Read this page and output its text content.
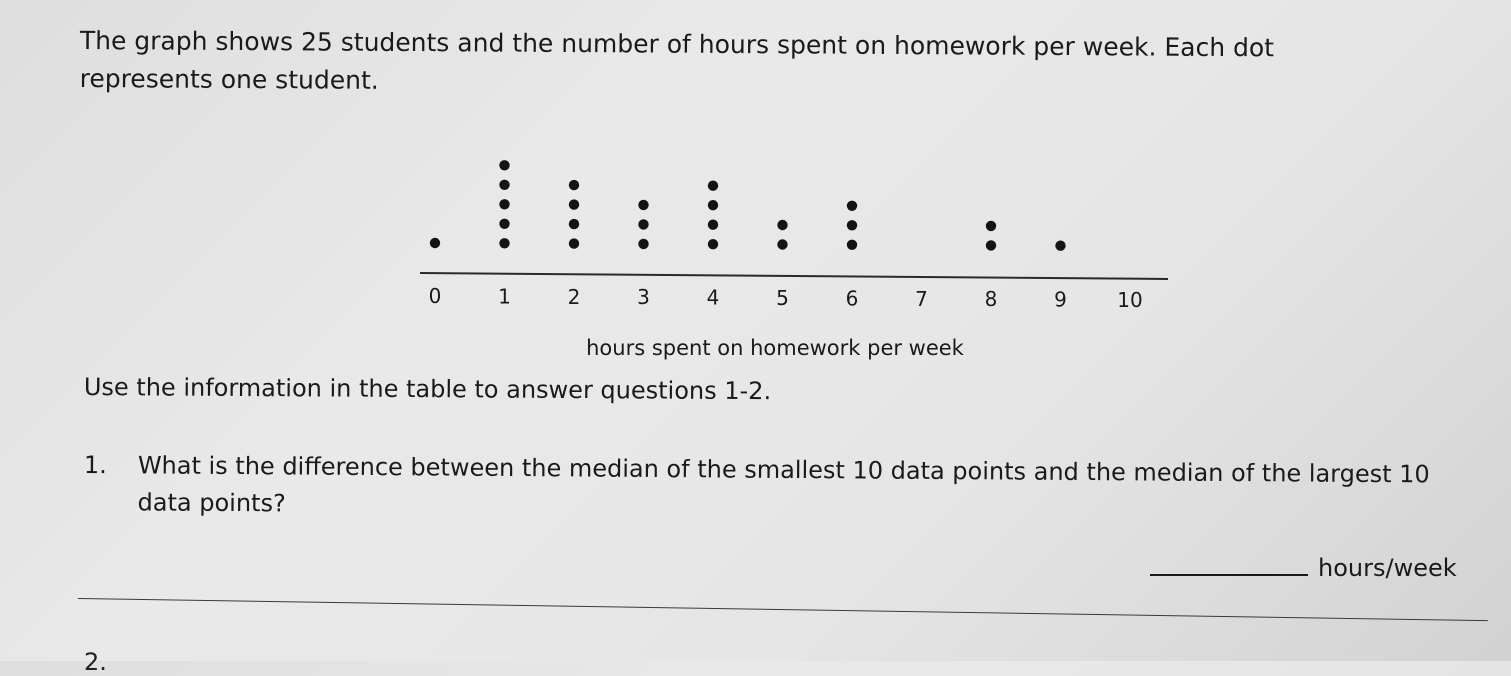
The graph shows 25 students and the number of hours spent on homework per week. Each dot represents one student.

0	1	2	3	4	5	6	7	8	9	10
hours spent on homework per week

Use the information in the table to answer questions 1-2.

1. What is the difference between the median of the smallest 10 data points and the median of the largest 10 data points?
hours/week
2.
